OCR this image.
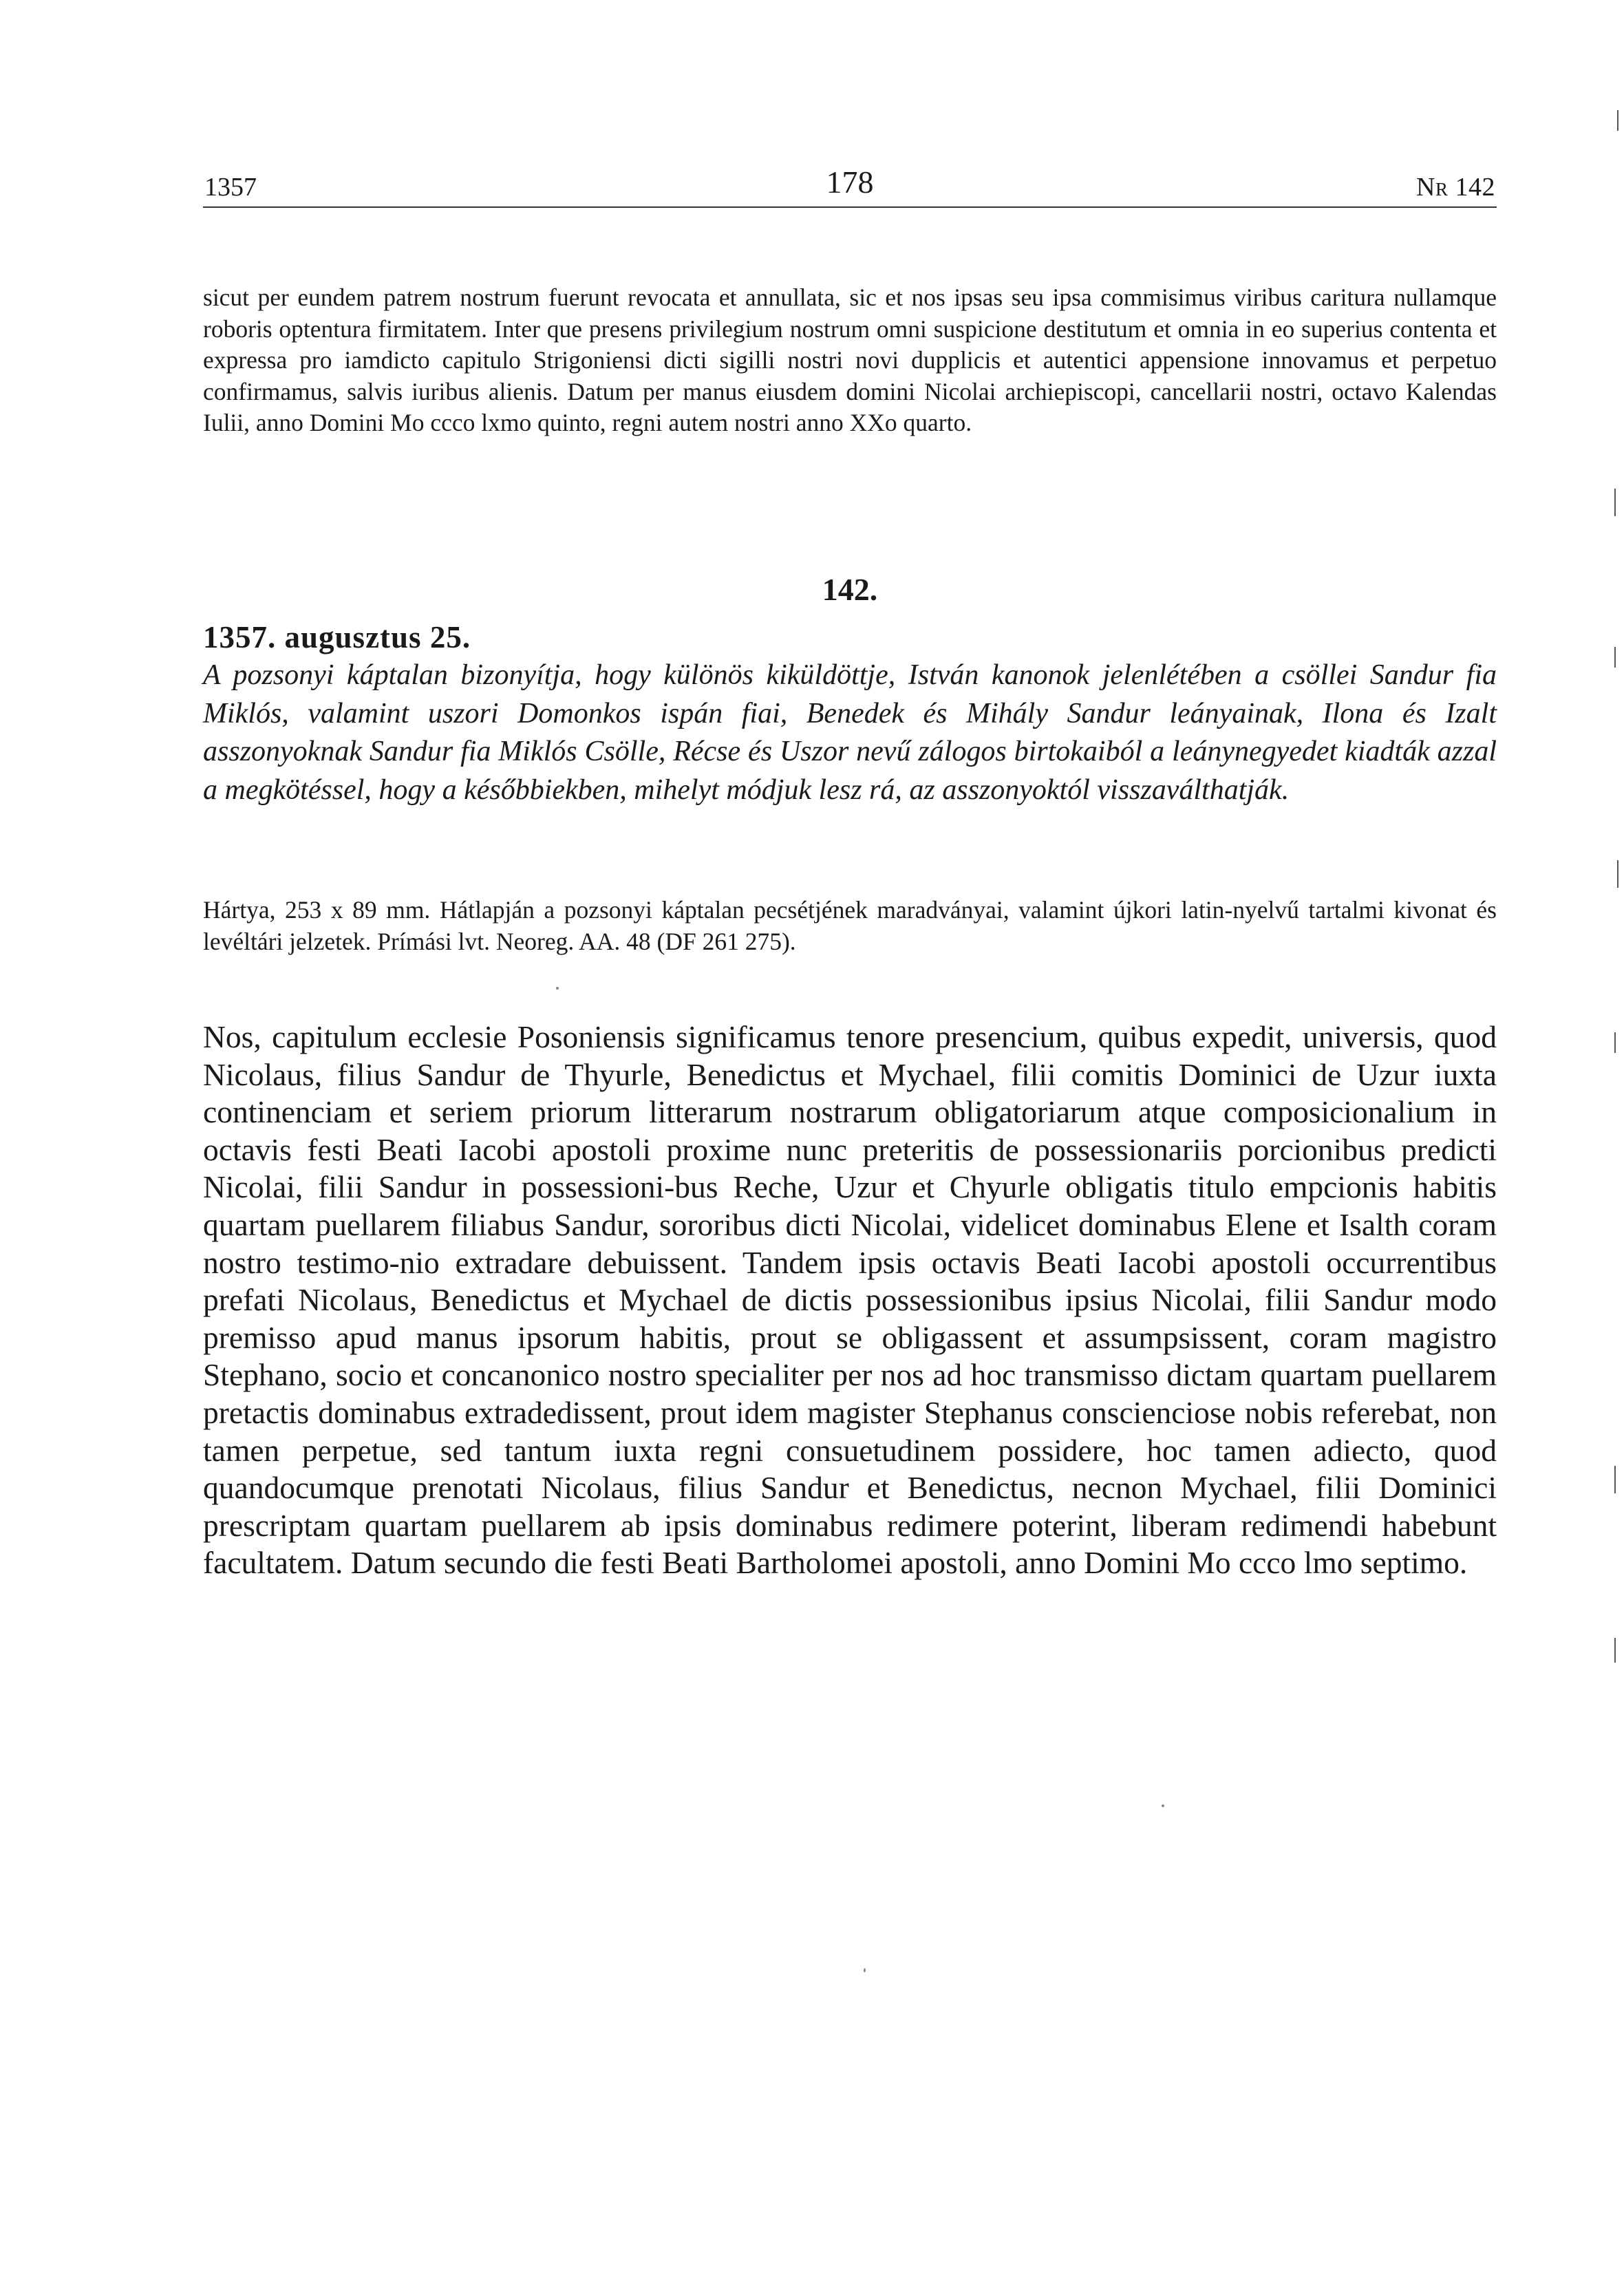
1357	178	Nr 142
sicut per eundem patrem nostrum fuerunt revocata et annullata, sic et nos ipsas seu ipsa commisimus viribus caritura nullamque roboris optentura firmitatem. Inter que presens privilegium nostrum omni suspicione destitutum et omnia in eo superius contenta et expressa pro iamdicto capitulo Strigoniensi dicti sigilli nostri novi dupplicis et autentici appensione innovamus et perpetuo confirmamus, salvis iuribus alienis. Datum per manus eiusdem domini Nicolai archiepiscopi, cancellarii nostri, octavo Kalendas Iulii, anno Domini Mo ccco lxmo quinto, regni autem nostri anno XXo quarto.
142.
1357. augusztus 25.
A pozsonyi káptalan bizonyítja, hogy különös kiküldöttje, István kanonok jelenlétében a csöllei Sandur fia Miklós, valamint uszori Domonkos ispán fiai, Benedek és Mihály Sandur leányainak, Ilona és Izalt asszonyoknak Sandur fia Miklós Csölle, Récse és Uszor nevű zálogos birtokaiból a leánynegyedet kiadták azzal a megkötéssel, hogy a későbbiekben, mihelyt módjuk lesz rá, az asszonyoktól visszaválthatják.
Hártya, 253 x 89 mm. Hátlapján a pozsonyi káptalan pecsétjének maradványai, valamint újkori latin-nyelvű tartalmi kivonat és levéltári jelzetek. Prímási lvt. Neoreg. AA. 48 (DF 261 275).
Nos, capitulum ecclesie Posoniensis significamus tenore presencium, quibus expedit, universis, quod Nicolaus, filius Sandur de Thyurle, Benedictus et Mychael, filii comitis Dominici de Uzur iuxta continenciam et seriem priorum litterarum nostrarum obligatoriarum atque composicionalium in octavis festi Beati Iacobi apostoli proxime nunc preteritis de possessionariis porcionibus predicti Nicolai, filii Sandur in possessioni-bus Reche, Uzur et Chyurle obligatis titulo empcionis habitis quartam puellarem filiabus Sandur, sororibus dicti Nicolai, videlicet dominabus Elene et Isalth coram nostro testimo-nio extradare debuissent. Tandem ipsis octavis Beati Iacobi apostoli occurrentibus prefati Nicolaus, Benedictus et Mychael de dictis possessionibus ipsius Nicolai, filii Sandur modo premisso apud manus ipsorum habitis, prout se obligassent et assumpsissent, coram magistro Stephano, socio et concanonico nostro specialiter per nos ad hoc transmisso dictam quartam puellarem pretactis dominabus extradedissent, prout idem magister Stephanus conscienciose nobis referebat, non tamen perpetue, sed tantum iuxta regni consuetudinem possidere, hoc tamen adiecto, quod quandocumque prenotati Nicolaus, filius Sandur et Benedictus, necnon Mychael, filii Dominici prescriptam quartam puellarem ab ipsis dominabus redimere poterint, liberam redimendi habebunt facultatem. Datum secundo die festi Beati Bartholomei apostoli, anno Domini Mo ccco lmo septimo.
